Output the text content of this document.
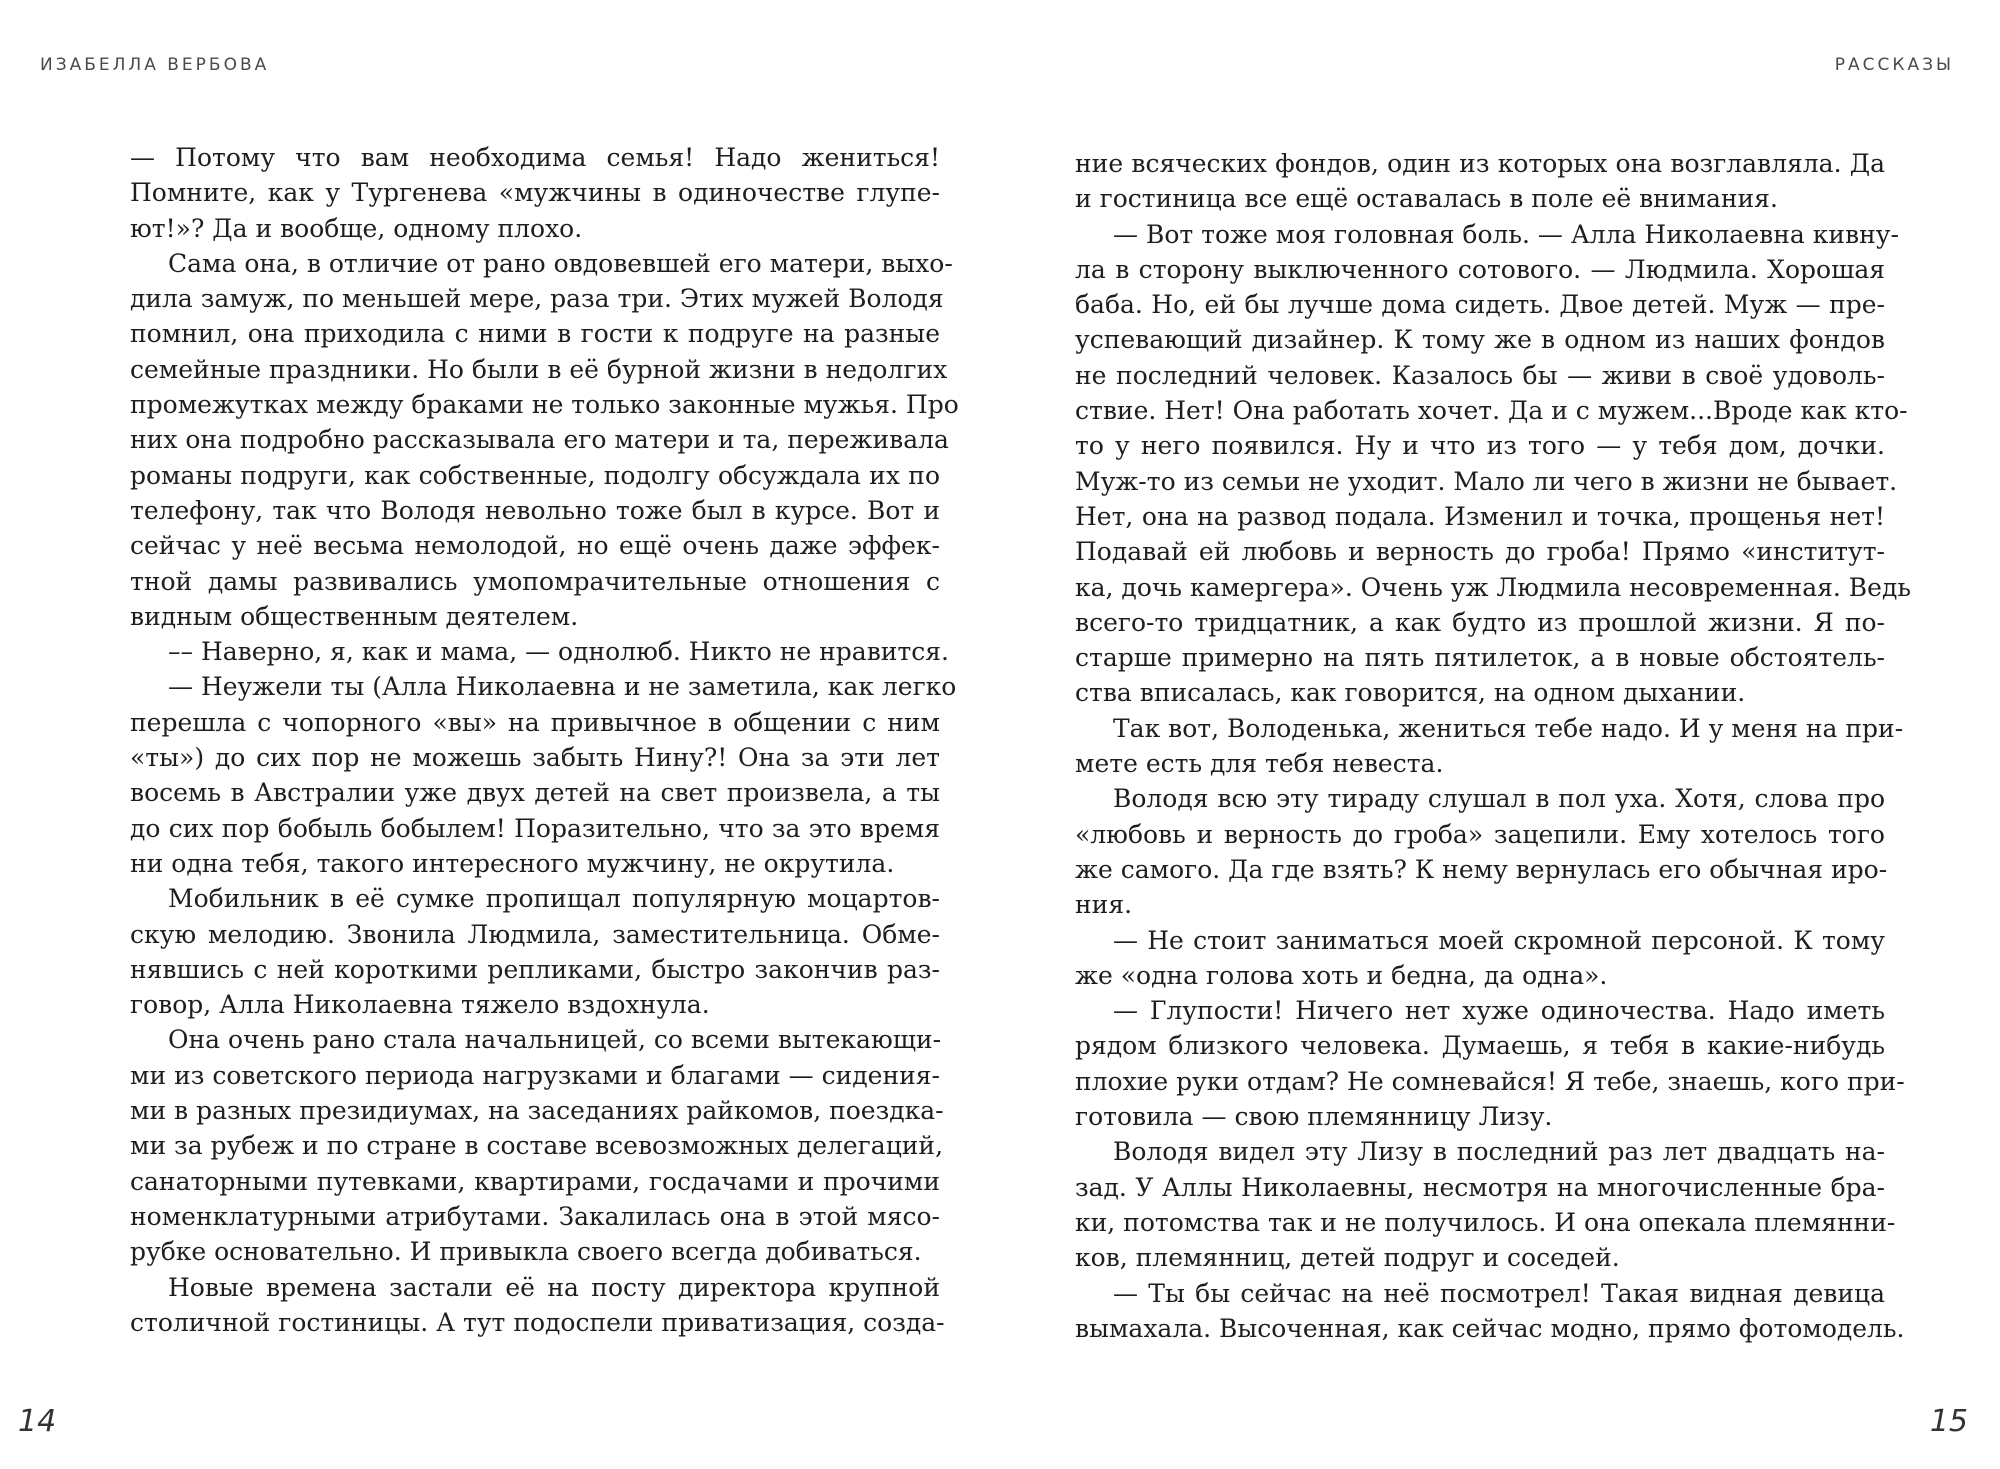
ИЗАБЕЛЛА ВЕРБОВА	РАССКАЗЫ
— Потому что вам необходима семья! Надо жениться!
Помните, как у Тургенева «мужчины в одиночестве глупе-
ют!»? Да и вообще, одному плохо.
Сама она, в отличие от рано овдовевшей его матери, выхо-
дила замуж, по меньшей мере, раза три. Этих мужей Володя
помнил, она приходила с ними в гости к подруге на разные
семейные праздники. Но были в её бурной жизни в недолгих
промежутках между браками не только законные мужья. Про
них она подробно рассказывала его матери и та, переживала
романы подруги, как собственные, подолгу обсуждала их по
телефону, так что Володя невольно тоже был в курсе. Вот и
сейчас у неё весьма немолодой, но ещё очень даже эффек-
тной дамы развивались умопомрачительные отношения с
видным общественным деятелем.
–– Наверно, я, как и мама, — однолюб. Никто не нравится.
— Неужели ты (Алла Николаевна и не заметила, как легко
перешла с чопорного «вы» на привычное в общении с ним
«ты») до сих пор не можешь забыть Нину?! Она за эти лет
восемь в Австралии уже двух детей на свет произвела, а ты
до сих пор бобыль бобылем! Поразительно, что за это время
ни одна тебя, такого интересного мужчину, не окрутила.
Мобильник в её сумке пропищал популярную моцартов-
скую мелодию. Звонила Людмила, заместительница. Обме-
нявшись с ней короткими репликами, быстро закончив раз-
говор, Алла Николаевна тяжело вздохнула.
Она очень рано стала начальницей, со всеми вытекающи-
ми из советского периода нагрузками и благами — сидения-
ми в разных президиумах, на заседаниях райкомов, поездка-
ми за рубеж и по стране в составе всевозможных делегаций,
санаторными путевками, квартирами, госдачами и прочими
номенклатурными атрибутами. Закалилась она в этой мясо-
рубке основательно. И привыкла своего всегда добиваться.
Новые времена застали её на посту директора крупной
столичной гостиницы. А тут подоспели приватизация, созда-
ние всяческих фондов, один из которых она возглавляла. Да
и гостиница все ещё оставалась в поле её внимания.
— Вот тоже моя головная боль. — Алла Николаевна кивну-
ла в сторону выключенного сотового. — Людмила. Хорошая
баба. Но, ей бы лучше дома сидеть. Двое детей. Муж — пре-
успевающий дизайнер. К тому же в одном из наших фондов
не последний человек. Казалось бы — живи в своё удоволь-
ствие. Нет! Она работать хочет. Да и с мужем...Вроде как кто-
то у него появился. Ну и что из того — у тебя дом, дочки.
Муж-то из семьи не уходит. Мало ли чего в жизни не бывает.
Нет, она на развод подала. Изменил и точка, прощенья нет!
Подавай ей любовь и верность до гроба! Прямо «институт-
ка, дочь камергера». Очень уж Людмила несовременная. Ведь
всего-то тридцатник, а как будто из прошлой жизни. Я по-
старше примерно на пять пятилеток, а в новые обстоятель-
ства вписалась, как говорится, на одном дыхании.
Так вот, Володенька, жениться тебе надо. И у меня на при-
мете есть для тебя невеста.
Володя всю эту тираду слушал в пол уха. Хотя, слова про
«любовь и верность до гроба» зацепили. Ему хотелось того
же самого. Да где взять? К нему вернулась его обычная иро-
ния.
— Не стоит заниматься моей скромной персоной. К тому
же «одна голова хоть и бедна, да одна».
— Глупости! Ничего нет хуже одиночества. Надо иметь
рядом близкого человека. Думаешь, я тебя в какие-нибудь
плохие руки отдам? Не сомневайся! Я тебе, знаешь, кого при-
готовила — свою племянницу Лизу.
Володя видел эту Лизу в последний раз лет двадцать на-
зад. У Аллы Николаевны, несмотря на многочисленные бра-
ки, потомства так и не получилось. И она опекала племянни-
ков, племянниц, детей подруг и соседей.
— Ты бы сейчас на неё посмотрел! Такая видная девица
вымахала. Высоченная, как сейчас модно, прямо фотомодель.
14	15
